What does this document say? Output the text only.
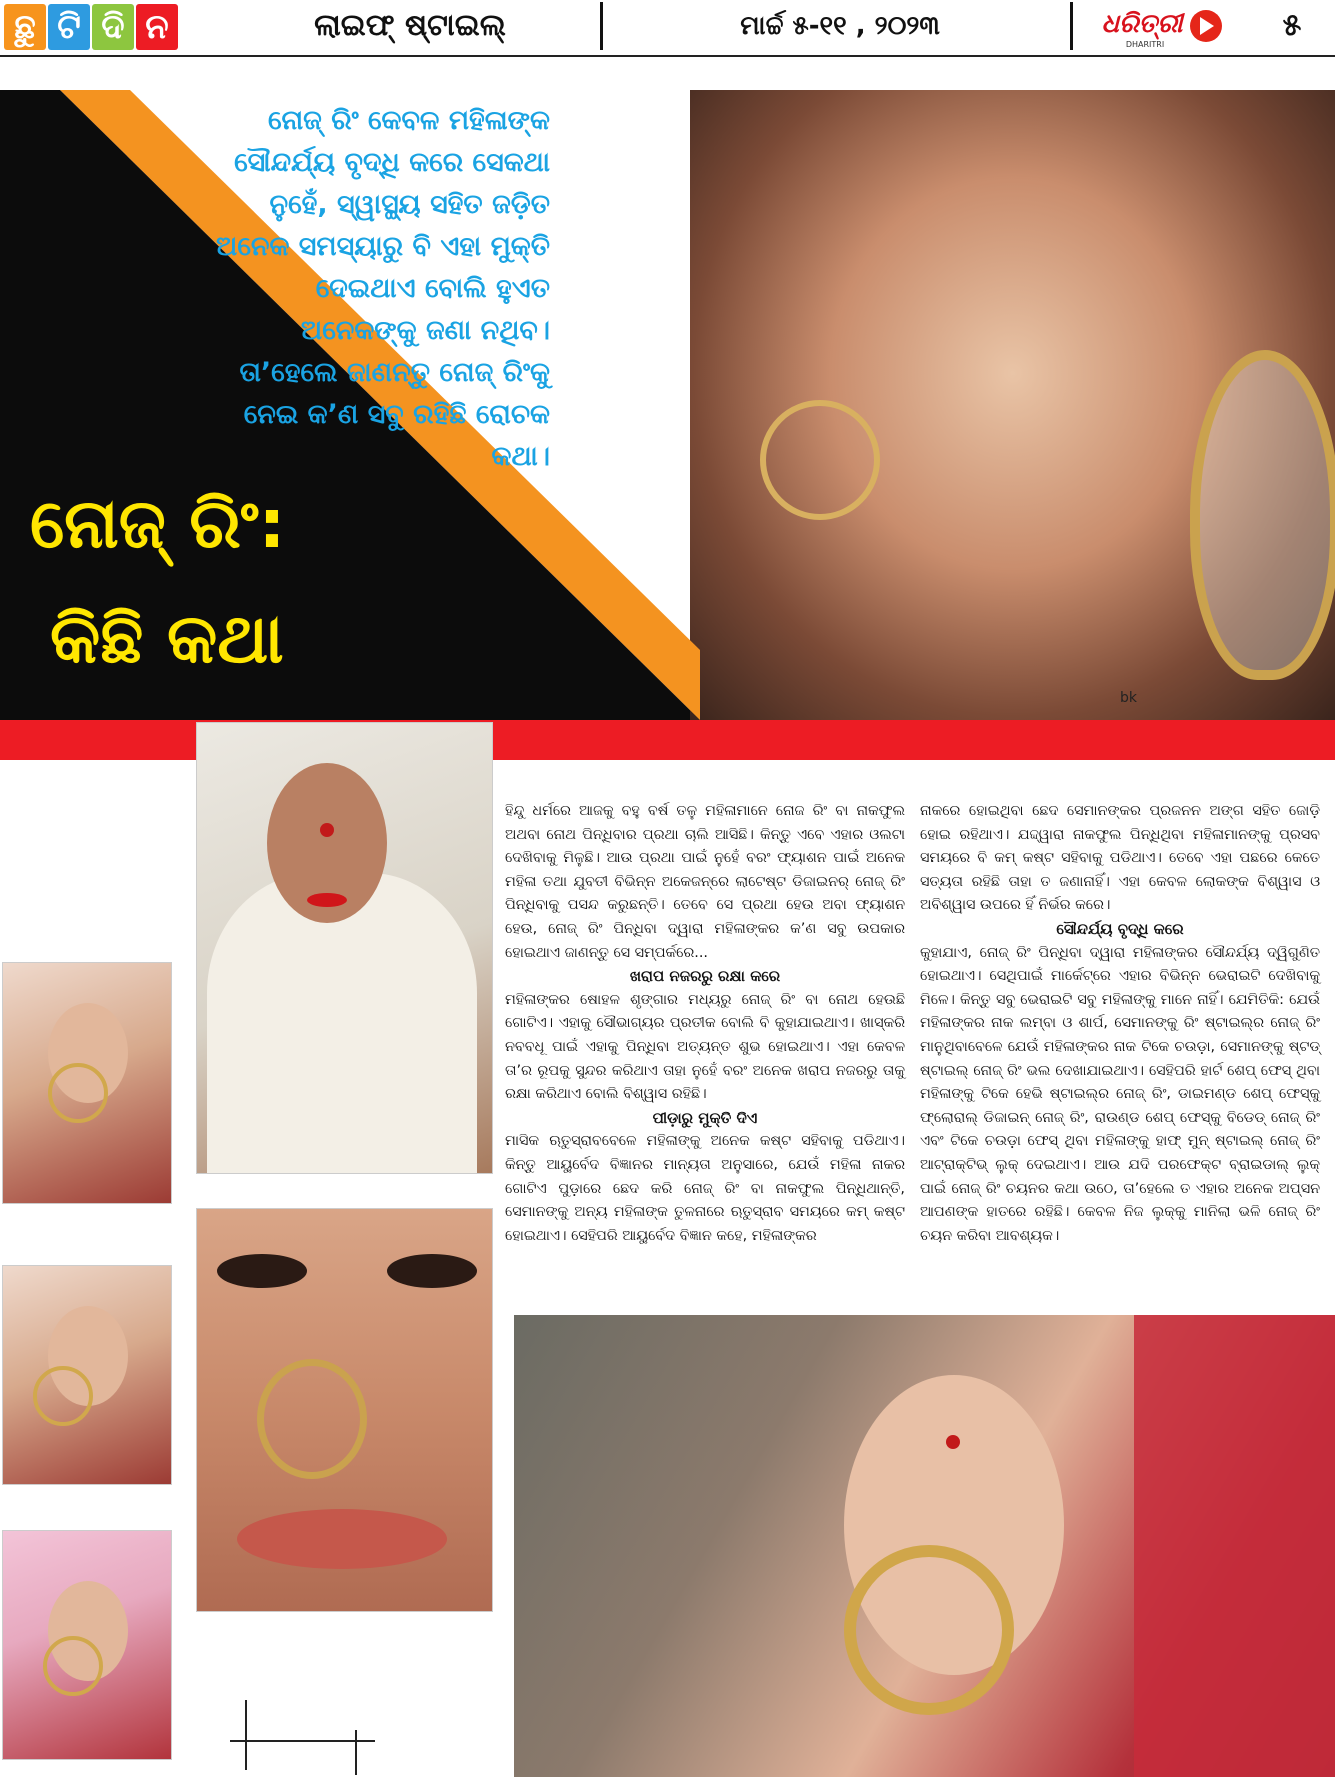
ଛୁ ଟି ଦି ନ	ଲାଇଫ୍ ଷ୍ଟାଇଲ୍	ମାର୍ଚ୍ଚ ୫-୧୧ , ୨୦୨୩	ଧରିତ୍ରୀ
DHARITRI
୫
bk
ନୋଜ୍ ରିଂ କେବଳ ମହିଳାଙ୍କ ସୌନ୍ଦର୍ଯ୍ୟ ବୃଦ୍ଧି କରେ ସେକଥା ନୁହେଁ, ସ୍ୱାସ୍ଥ୍ୟ ସହିତ ଜଡ଼ିତ ଅନେକ ସମସ୍ୟାରୁ ବି ଏହା ମୁକ୍ତି ଦେଇଥାଏ ବୋଲି ହୁଏତ ଅନେକଙ୍କୁ ଜଣା ନଥିବ। ତା’ହେଲେ ଜାଣନ୍ତୁ ନୋଜ୍ ରିଂକୁ ନେଇ କ’ଣ ସବୁ ରହିଛି ରୋଚକ କଥା।
ନୋଜ୍ ରିଂ:
କିଛି କଥା

ହିନ୍ଦୁ ଧର୍ମରେ ଆଜକୁ ବହୁ ବର୍ଷ ତଳୁ ମହିଳାମାନେ ନୋଜ ରିଂ ବା ନାକଫୁଲ ଅଥବା ନୋଥ ପିନ୍ଧିବାର ପ୍ରଥା ଚାଲି ଆସିଛି। କିନ୍ତୁ ଏବେ ଏହାର ଓଲଟା ଦେଖିବାକୁ ମିଳୁଛି। ଆଉ ପ୍ରଥା ପାଇଁ ନୁହେଁ ବରଂ ଫ୍ୟାଶନ ପାଇଁ ଅନେକ ମହିଳା ତଥା ଯୁବତୀ ବିଭିନ୍ନ ଅକେଜନ୍‌ରେ ଲାଟେଷ୍ଟ ଡିଜାଇନର୍ ନୋଜ୍ ରିଂ ପିନ୍ଧିବାକୁ ପସନ୍ଦ କରୁଛନ୍ତି। ତେବେ ସେ ପ୍ରଥା ହେଉ ଅବା ଫ୍ୟାଶନ ହେଉ, ନୋଜ୍ ରିଂ ପିନ୍ଧିବା ଦ୍ୱାରା ମହିଳାଙ୍କର କ’ଣ ସବୁ ଉପକାର ହୋଇଥାଏ ଜାଣନ୍ତୁ ସେ ସମ୍ପର୍କରେ...

ଖରାପ ନଜରରୁ ରକ୍ଷା କରେ

ମହିଳାଙ୍କର ଷୋହଳ ଶୃଙ୍ଗାର ମଧ୍ୟରୁ ନୋଜ୍ ରିଂ ବା ନୋଥ ହେଉଛି ଗୋଟିଏ। ଏହାକୁ ସୌଭାଗ୍ୟର ପ୍ରତୀକ ବୋଲି ବି କୁହାଯାଇଥାଏ। ଖାସ୍‌କରି ନବବଧୂ ପାଇଁ ଏହାକୁ ପିନ୍ଧିବା ଅତ୍ୟନ୍ତ ଶୁଭ ହୋଇଥାଏ। ଏହା କେବଳ ତା’ର ରୂପକୁ ସୁନ୍ଦର କରିଥାଏ ତାହା ନୁହେଁ ବରଂ ଅନେକ ଖରାପ ନଜରରୁ ତାକୁ ରକ୍ଷା କରିଥାଏ ବୋଲି ବିଶ୍ୱାସ ରହିଛି।

ପୀଡ଼ାରୁ ମୁକ୍ତି ଦିଏ

ମାସିକ ଋତୁସ୍ରାବବେଳେ ମହିଳାଙ୍କୁ ଅନେକ କଷ୍ଟ ସହିବାକୁ ପଡିଥାଏ। କିନ୍ତୁ ଆୟୁର୍ବେଦ ବିଜ୍ଞାନର ମାନ୍ୟତା ଅନୁସାରେ, ଯେଉଁ ମହିଳା ନାକର ଗୋଟିଏ ପୁଡ଼ାରେ ଛେଦ କରି ନୋଜ୍ ରିଂ ବା ନାକଫୁଲ ପିନ୍ଧିଥାନ୍ତି, ସେମାନଙ୍କୁ ଅନ୍ୟ ମହିଳାଙ୍କ ତୁଳନାରେ ଋତୁସ୍ରାବ ସମୟରେ କମ୍ କଷ୍ଟ ହୋଇଥାଏ। ସେହିପରି ଆୟୁର୍ବେଦ ବିଜ୍ଞାନ କହେ, ମହିଳାଙ୍କର

ନାକରେ ହୋଇଥିବା ଛେଦ ସେମାନଙ୍କର ପ୍ରଜନନ ଅଙ୍ଗ ସହିତ ଜୋଡ଼ି ହୋଇ ରହିଥାଏ। ଯଦ୍ଦ୍ୱାରା ନାକଫୁଲ ପିନ୍ଧିଥିବା ମହିଳାମାନଙ୍କୁ ପ୍ରସବ ସମୟରେ ବି କମ୍ କଷ୍ଟ ସହିବାକୁ ପଡିଥାଏ। ତେବେ ଏହା ପଛରେ କେତେ ସତ୍ୟତା ରହିଛି ତାହା ତ ଜଣାନାହିଁ। ଏହା କେବଳ ଲୋକଙ୍କ ବିଶ୍ୱାସ ଓ ଅବିଶ୍ୱାସ ଉପରେ ହିଁ ନିର୍ଭର କରେ।

ସୌନ୍ଦର୍ଯ୍ୟ ବୃଦ୍ଧି କରେ

କୁହାଯାଏ, ନୋଜ୍ ରିଂ ପିନ୍ଧିବା ଦ୍ୱାରା ମହିଳାଙ୍କର ସୌନ୍ଦର୍ଯ୍ୟ ଦ୍ୱିଗୁଣିତ ହୋଇଥାଏ। ସେଥିପାଇଁ ମାର୍କେଟ୍‌ରେ ଏହାର ବିଭିନ୍ନ ଭେରାଇଟି ଦେଖିବାକୁ ମିଳେ। କିନ୍ତୁ ସବୁ ଭେରାଇଟି ସବୁ ମହିଳାଙ୍କୁ ମାନେ ନାହିଁ। ଯେମିତିକି: ଯେଉଁ ମହିଳାଙ୍କର ନାକ ଲମ୍ବା ଓ ଶାର୍ପ, ସେମାନଙ୍କୁ ରିଂ ଷ୍ଟାଇଲ୍‌ର ନୋଜ୍ ରିଂ ମାନୁଥିବାବେଳେ ଯେଉଁ ମହିଳାଙ୍କର ନାକ ଟିକେ ଚଉଡ଼ା, ସେମାନଙ୍କୁ ଷ୍ଟଡ୍ ଷ୍ଟାଇଲ୍ ନୋଜ୍ ରିଂ ଭଲ ଦେଖାଯାଇଥାଏ। ସେହିପରି ହାର୍ଟ ଶେପ୍ ଫେସ୍ ଥିବା ମହିଳାଙ୍କୁ ଟିକେ ହେଭି ଷ୍ଟାଇଲ୍‌ର ନୋଜ୍ ରିଂ, ଡାଇମଣ୍ଡ ଶେପ୍ ଫେସ୍‌କୁ ଫ୍ଲୋରାଲ୍ ଡିଜାଇନ୍ ନୋଜ୍ ରିଂ, ରାଉଣ୍ଡ ଶେପ୍ ଫେସ୍‌କୁ ବିଡେଡ୍ ନୋଜ୍ ରିଂ ଏବଂ ଟିକେ ଚଉଡ଼ା ଫେସ୍ ଥିବା ମହିଳାଙ୍କୁ ହାଫ୍ ମୁନ୍ ଷ୍ଟାଇଲ୍ ନୋଜ୍ ରିଂ ଆଟ୍ରାକ୍ଟିଭ୍ ଲୁକ୍ ଦେଇଥାଏ। ଆଉ ଯଦି ପରଫେକ୍ଟ ବ୍ରାଇଡାଲ୍ ଲୁକ୍ ପାଇଁ ନୋଜ୍ ରିଂ ଚୟନର କଥା ଉଠେ, ତା’ହେଲେ ତ ଏହାର ଅନେକ ଅପ୍ସନ ଆପଣଙ୍କ ହାତରେ ରହିଛି। କେବଳ ନିଜ ଲୁକ୍‌କୁ ମାନିଲା ଭଳି ନୋଜ୍ ରିଂ ଚୟନ କରିବା ଆବଶ୍ୟକ।
